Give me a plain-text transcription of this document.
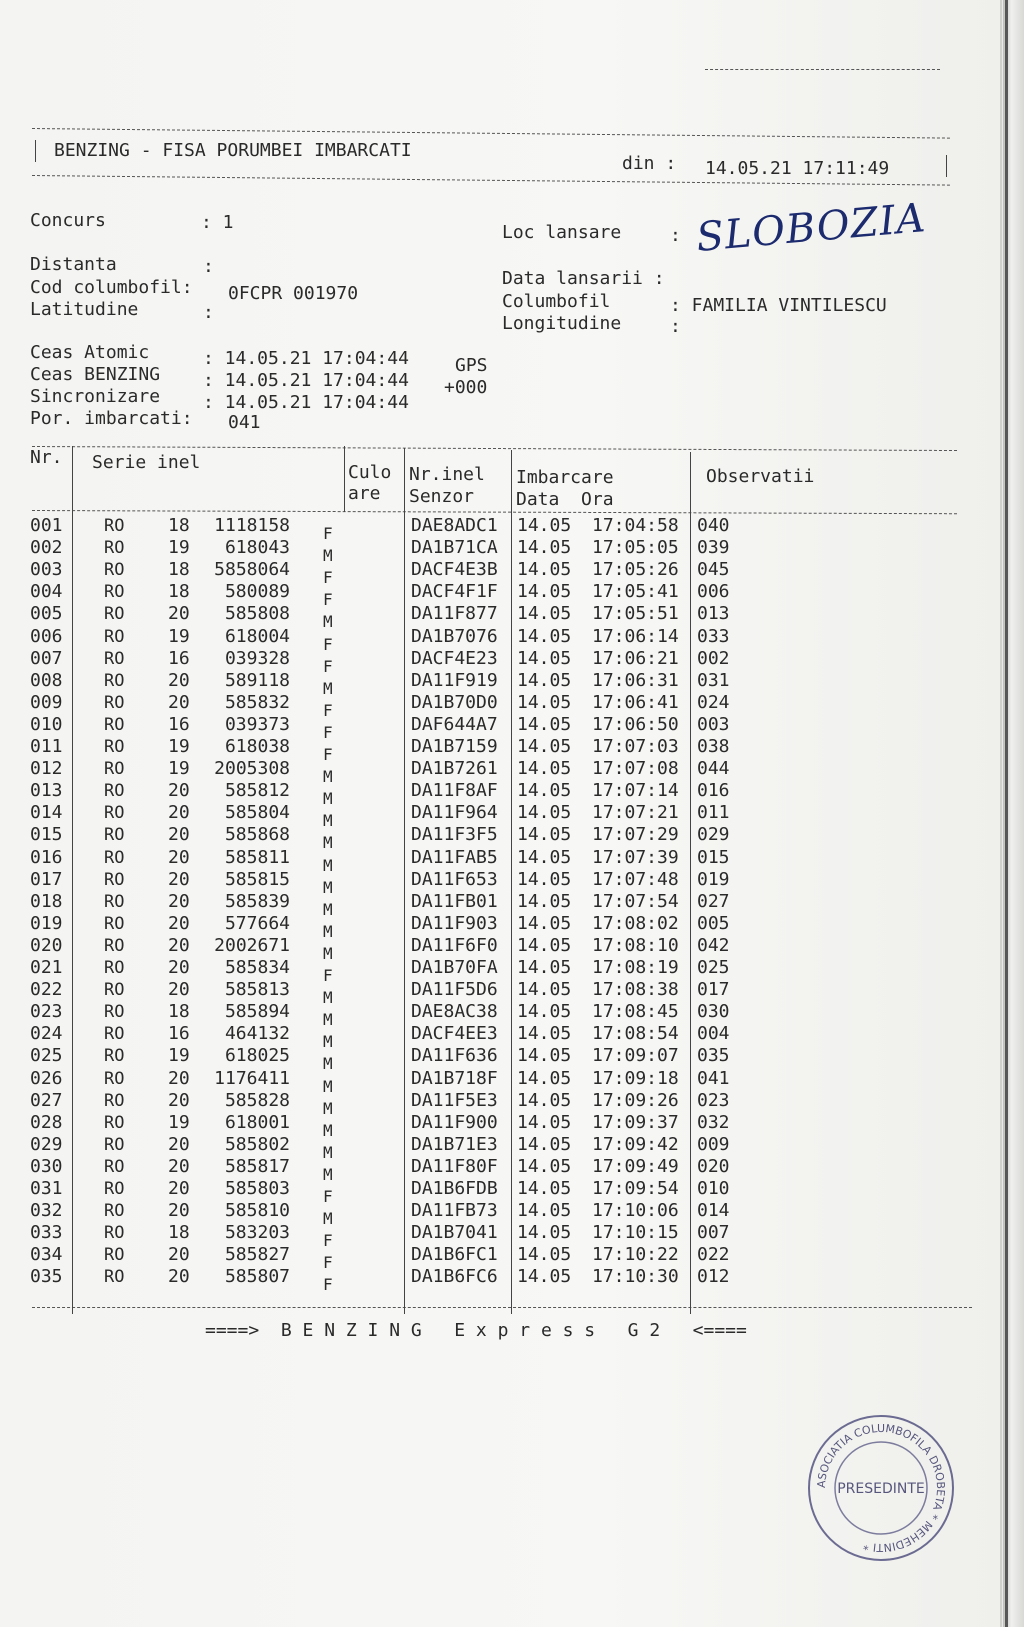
BENZING - FISA PORUMBEI IMBARCATI
din : 14.05.21 17:11:49
Concurs	: 1	Loc lansare	: SLOBOZIA
Distanta	:
Cod columbofil: 0FCPR 001970
Latitudine	:
Data lansarii :
Columbofil	: FAMILIA VINTILESCU
Longitudine	:
Ceas Atomic	: 14.05.21 17:04:44	GPS
Ceas BENZING : 14.05.21 17:04:44 +000
Sincronizare : 14.05.21 17:04:44
Por. imbarcati: 041
Nr. Serie inel	Culo
are
Nr.inel
Senzor
Imbarcare
Data  Ora
Observatii
001	RO 18	1118158 F	DAE8ADC1 14.05 17:04:58 040
002	RO 19	618043 M	DA1B71CA 14.05 17:05:05 039
003	RO 18	5858064 F	DACF4E3B 14.05 17:05:26 045
004	RO 18	580089 F	DACF4F1F 14.05 17:05:41 006
005	RO 20	585808 M	DA11F877 14.05 17:05:51 013
006	RO 19	618004 F	DA1B7076 14.05 17:06:14 033
007	RO 16	039328 F	DACF4E23 14.05 17:06:21 002
008	RO 20	589118 M	DA11F919 14.05 17:06:31 031
009	RO 20	585832 F	DA1B70D0 14.05 17:06:41 024
010	RO 16	039373 F	DAF644A7 14.05 17:06:50 003
011	RO 19	618038 F	DA1B7159 14.05 17:07:03 038
012	RO 19	2005308 M	DA1B7261 14.05 17:07:08 044
013	RO 20	585812 M	DA11F8AF 14.05 17:07:14 016
014	RO 20	585804 M	DA11F964 14.05 17:07:21 011
015	RO 20	585868 M	DA11F3F5 14.05 17:07:29 029
016	RO 20	585811 M	DA11FAB5 14.05 17:07:39 015
017	RO 20	585815 M	DA11F653 14.05 17:07:48 019
018	RO 20	585839 M	DA11FB01 14.05 17:07:54 027
019	RO 20	577664 M	DA11F903 14.05 17:08:02 005
020	RO 20	2002671 M	DA11F6F0 14.05 17:08:10 042
021	RO 20	585834 F	DA1B70FA 14.05 17:08:19 025
022	RO 20	585813 M	DA11F5D6 14.05 17:08:38 017
023	RO 18	585894 M	DAE8AC38 14.05 17:08:45 030
024	RO 16	464132 M	DACF4EE3 14.05 17:08:54 004
025	RO 19	618025 M	DA11F636 14.05 17:09:07 035
026	RO 20	1176411 M	DA1B718F 14.05 17:09:18 041
027	RO 20	585828 M	DA11F5E3 14.05 17:09:26 023
028	RO 19	618001 M	DA11F900 14.05 17:09:37 032
029	RO 20	585802 M	DA1B71E3 14.05 17:09:42 009
030	RO 20	585817 M	DA11F80F 14.05 17:09:49 020
031	RO 20	585803 F	DA1B6FDB 14.05 17:09:54 010
032	RO 20	585810 M	DA11FB73 14.05 17:10:06 014
033	RO 18	583203 F	DA1B7041 14.05 17:10:15 007
034	RO 20	585827 F	DA1B6FC1 14.05 17:10:22 022
035	RO 20	585807 F	DA1B6FC6 14.05 17:10:30 012
====>  B E N Z I N G   E x p r e s s   G 2   <====
ASOCIATIA COLUMBOFILA DROBETA * MEHEDINTI *
PRESEDINTE
